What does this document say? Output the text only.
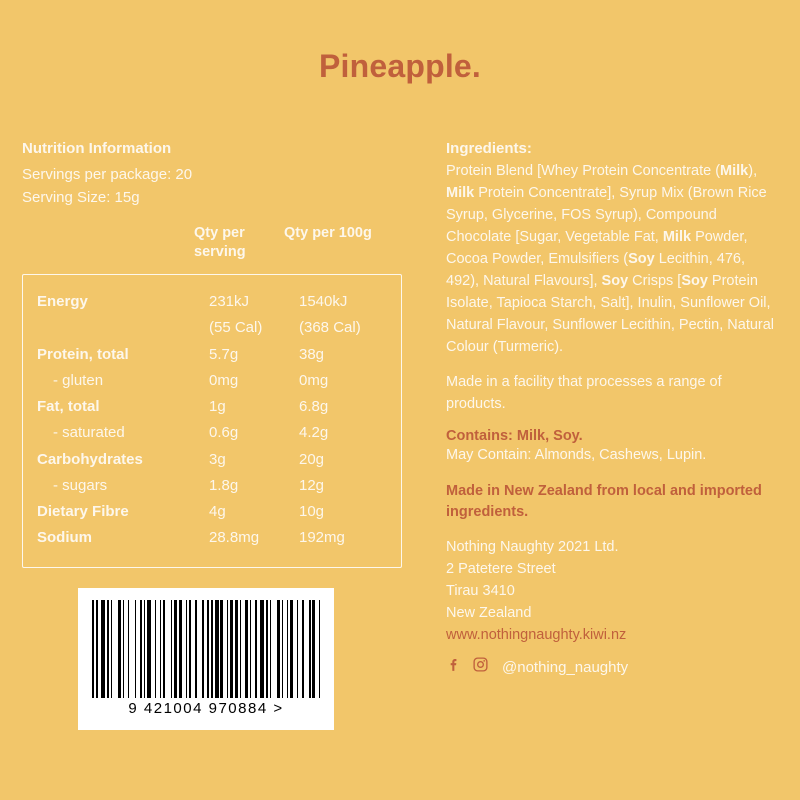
Pineapple.
Nutrition Information
Servings per package: 20
Serving Size: 15g
Qty per serving
Qty per 100g
Energy	231kJ	1540kJ
	(55 Cal)	(368 Cal)
Protein, total	5.7g	38g
- gluten	0mg	0mg
Fat, total	1g	6.8g
- saturated	0.6g	4.2g
Carbohydrates	3g	20g
- sugars	1.8g	12g
Dietary Fibre	4g	10g
Sodium	28.8mg	192mg
9 421004 970884 >
Ingredients:
Protein Blend [Whey Protein Concentrate (Milk), Milk Protein Concentrate], Syrup Mix (Brown Rice Syrup, Glycerine, FOS Syrup), Compound Chocolate [Sugar, Vegetable Fat, Milk Powder, Cocoa Powder, Emulsifiers (Soy Lecithin, 476, 492), Natural Flavours], Soy Crisps [Soy Protein Isolate, Tapioca Starch, Salt], Inulin, Sunflower Oil, Natural Flavour, Sunflower Lecithin, Pectin, Natural Colour (Turmeric).
Made in a facility that processes a range of products.
Contains: Milk, Soy.
May Contain: Almonds, Cashews, Lupin.
Made in New Zealand from local and imported ingredients.
Nothing Naughty 2021 Ltd.
2 Patetere Street
Tirau 3410
New Zealand
www.nothingnaughty.kiwi.nz
@nothing_naughty
